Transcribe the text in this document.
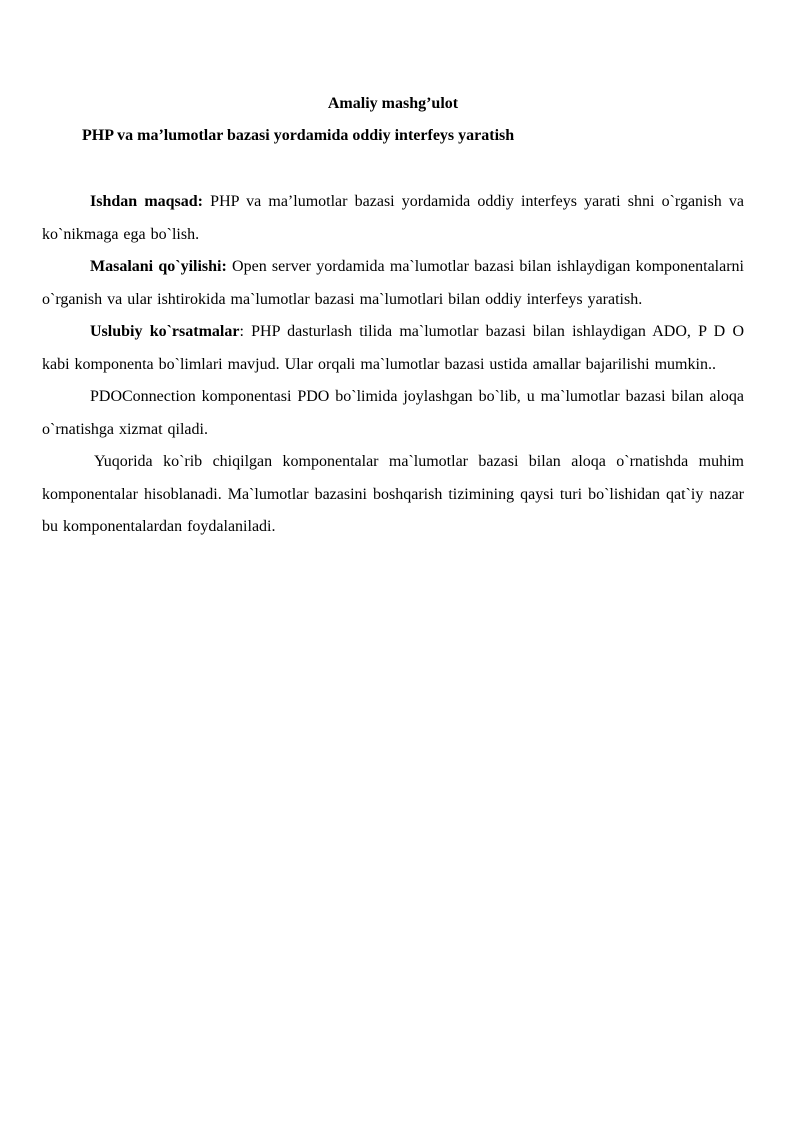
Amaliy mashg’ulot
PHP va ma’lumotlar bazasi yordamida oddiy interfeys yaratish

Ishdan maqsad: PHP va ma’lumotlar bazasi yordamida oddiy interfeys yarati shni o`rganish va ko`nikmaga ega bo`lish.

Masalani qo`yilishi: Open server yordamida ma`lumotlar bazasi bilan ishlaydigan komponentalarni o`rganish va ular ishtirokida ma`lumotlar bazasi ma`lumotlari bilan oddiy interfeys yaratish.

Uslubiy ko`rsatmalar: PHP dasturlash tilida ma`lumotlar bazasi bilan ishlaydigan ADO, P D O kabi komponenta bo`limlari mavjud. Ular orqali ma`lumotlar bazasi ustida amallar bajarilishi mumkin..

PDOConnection komponentasi PDO bo`limida joylashgan bo`lib, u ma`lumotlar bazasi bilan aloqa o`rnatishga xizmat qiladi.

Yuqorida ko`rib chiqilgan komponentalar ma`lumotlar bazasi bilan aloqa o`rnatishda muhim komponentalar hisoblanadi. Ma`lumotlar bazasini boshqarish tizimining qaysi turi bo`lishidan qat`iy nazar bu komponentalardan foydalaniladi.
